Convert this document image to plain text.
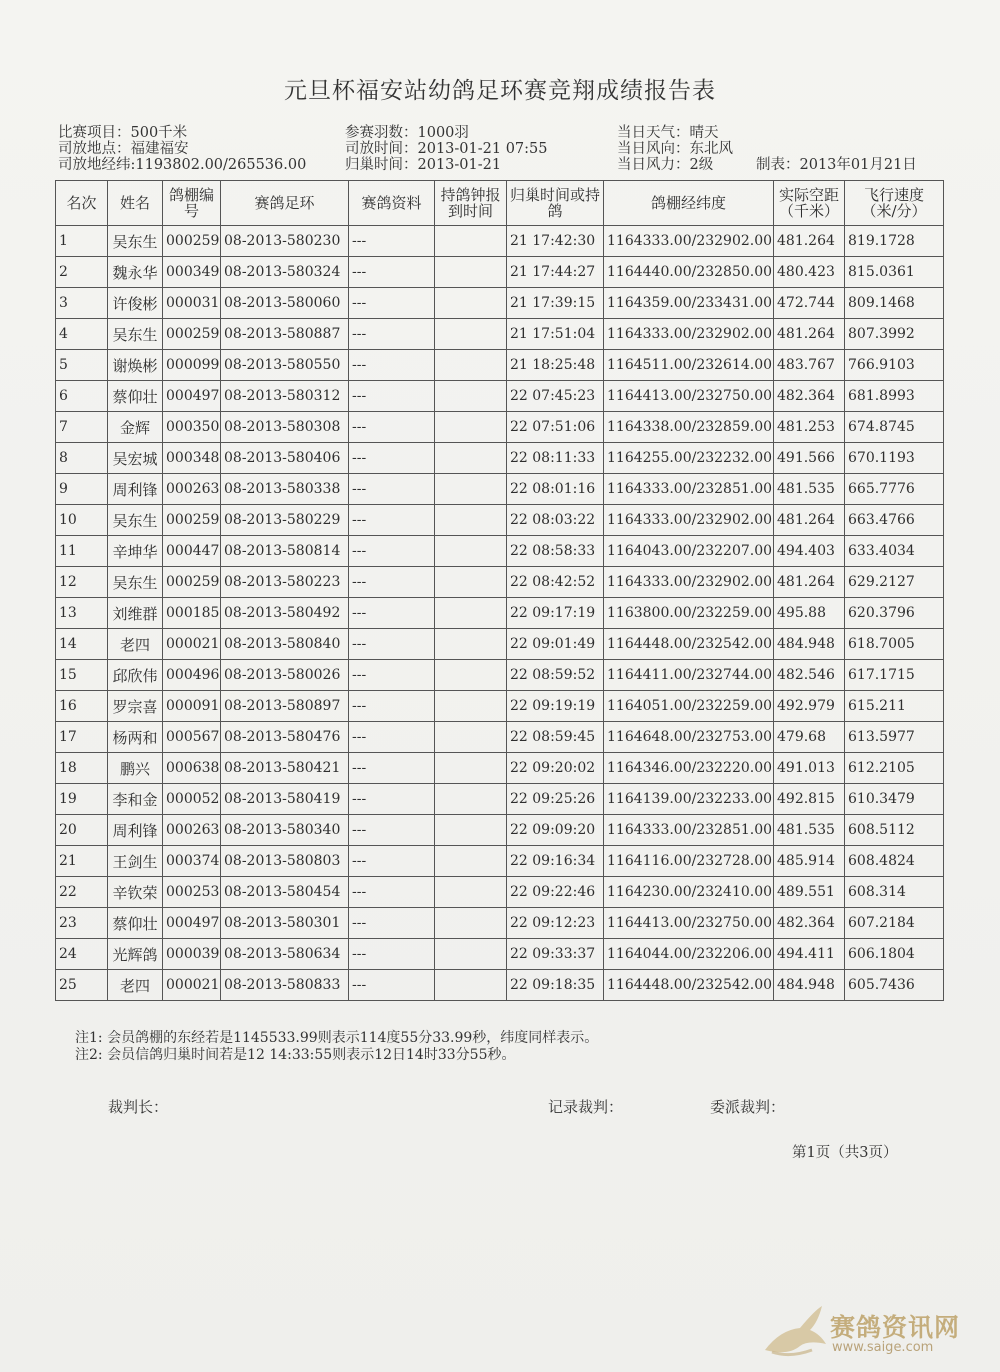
元旦杯福安站幼鸽足环赛竞翔成绩报告表
比赛项目：500千米
司放地点：福建福安
司放地经纬:1193802.00/265536.00
参赛羽数：1000羽
司放时间：2013-01-21 07:55
归巢时间：2013-01-21
当日天气：晴天
当日风向：东北风
当日风力：2级	制表：2013年01月21日
名次	姓名	鸽棚编号	赛鸽足环	赛鸽资料	持鸽钟报到时间	归巢时间或持鸽	鸽棚经纬度	实际空距（千米）	飞行速度（米/分）
1	吴东生	000259	08-2013-580230	---		21 17:42:30	1164333.00/232902.00	481.264	819.1728
2	魏永华	000349	08-2013-580324	---		21 17:44:27	1164440.00/232850.00	480.423	815.0361
3	许俊彬	000031	08-2013-580060	---		21 17:39:15	1164359.00/233431.00	472.744	809.1468
4	吴东生	000259	08-2013-580887	---		21 17:51:04	1164333.00/232902.00	481.264	807.3992
5	谢焕彬	000099	08-2013-580550	---		21 18:25:48	1164511.00/232614.00	483.767	766.9103
6	蔡仰壮	000497	08-2013-580312	---		22 07:45:23	1164413.00/232750.00	482.364	681.8993
7	金辉	000350	08-2013-580308	---		22 07:51:06	1164338.00/232859.00	481.253	674.8745
8	吴宏城	000348	08-2013-580406	---		22 08:11:33	1164255.00/232232.00	491.566	670.1193
9	周利锋	000263	08-2013-580338	---		22 08:01:16	1164333.00/232851.00	481.535	665.7776
10	吴东生	000259	08-2013-580229	---		22 08:03:22	1164333.00/232902.00	481.264	663.4766
11	辛坤华	000447	08-2013-580814	---		22 08:58:33	1164043.00/232207.00	494.403	633.4034
12	吴东生	000259	08-2013-580223	---		22 08:42:52	1164333.00/232902.00	481.264	629.2127
13	刘维群	000185	08-2013-580492	---		22 09:17:19	1163800.00/232259.00	495.88	620.3796
14	老四	000021	08-2013-580840	---		22 09:01:49	1164448.00/232542.00	484.948	618.7005
15	邱欣伟	000496	08-2013-580026	---		22 08:59:52	1164411.00/232744.00	482.546	617.1715
16	罗宗喜	000091	08-2013-580897	---		22 09:19:19	1164051.00/232259.00	492.979	615.211
17	杨两和	000567	08-2013-580476	---		22 08:59:45	1164648.00/232753.00	479.68	613.5977
18	鹏兴	000638	08-2013-580421	---		22 09:20:02	1164346.00/232220.00	491.013	612.2105
19	李和金	000052	08-2013-580419	---		22 09:25:26	1164139.00/232233.00	492.815	610.3479
20	周利锋	000263	08-2013-580340	---		22 09:09:20	1164333.00/232851.00	481.535	608.5112
21	王剑生	000374	08-2013-580803	---		22 09:16:34	1164116.00/232728.00	485.914	608.4824
22	辛钦荣	000253	08-2013-580454	---		22 09:22:46	1164230.00/232410.00	489.551	608.314
23	蔡仰壮	000497	08-2013-580301	---		22 09:12:23	1164413.00/232750.00	482.364	607.2184
24	光辉鸽	000039	08-2013-580634	---		22 09:33:37	1164044.00/232206.00	494.411	606.1804
25	老四	000021	08-2013-580833	---		22 09:18:35	1164448.00/232542.00	484.948	605.7436
注1: 会员鸽棚的东经若是1145533.99则表示114度55分33.99秒，纬度同样表示。
注2: 会员信鸽归巢时间若是12 14:33:55则表示12日14时33分55秒。
裁判长：	记录裁判：	委派裁判：
第1页（共3页）
赛鸽资讯网
www.saige.com
